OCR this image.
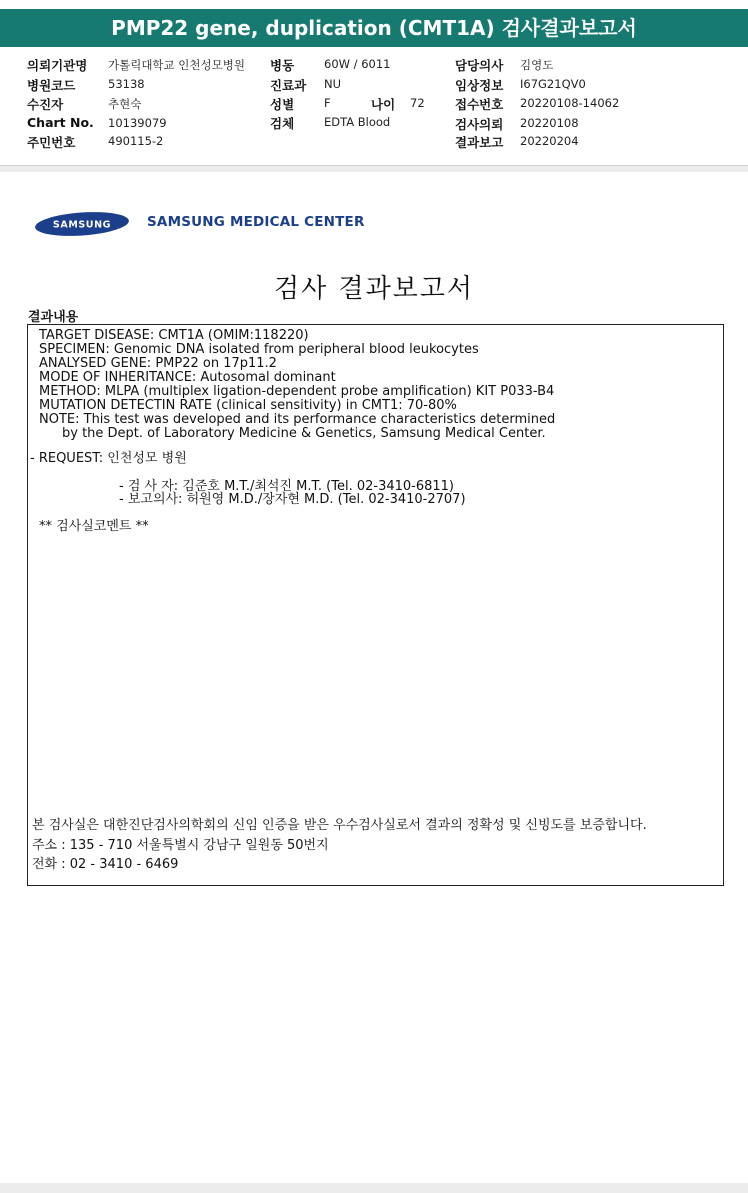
PMP22 gene, duplication (CMT1A) 검사결과보고서
의뢰기관명 가톨릭대학교 인천성모병원
병원코드	53138
수진자	추현숙
Chart No. 10139079
주민번호	490115-2
병동	60W / 6011
진료과 NU
성별	F	나이 72
검체	EDTA Blood
담당의사 김영도
임상정보 I67G21QV0
접수번호 20220108-14062
검사의뢰 20220108
결과보고 20220204
SAMSUNG	SAMSUNG MEDICAL CENTER
검사 결과보고서
결과내용
TARGET DISEASE: CMT1A (OMIM:118220)
SPECIMEN: Genomic DNA isolated from peripheral blood leukocytes
ANALYSED GENE: PMP22 on 17p11.2
MODE OF INHERITANCE: Autosomal dominant
METHOD: MLPA (multiplex ligation-dependent probe amplification) KIT P033-B4
MUTATION DETECTIN RATE (clinical sensitivity) in CMT1: 70-80%
NOTE: This test was developed and its performance characteristics determined
by the Dept. of Laboratory Medicine & Genetics, Samsung Medical Center.
- REQUEST: 인천성모 병원
- 검 사 자: 김준호 M.T./최석진 M.T. (Tel. 02-3410-6811)
- 보고의사: 허원영 M.D./장자현 M.D. (Tel. 02-3410-2707)
** 검사실코멘트 **
본 검사실은 대한진단검사의학회의 신임 인증을 받은 우수검사실로서 결과의 정확성 및 신빙도를 보증합니다.
주소 : 135 - 710 서울특별시 강남구 일원동 50번지
전화 : 02 - 3410 - 6469
